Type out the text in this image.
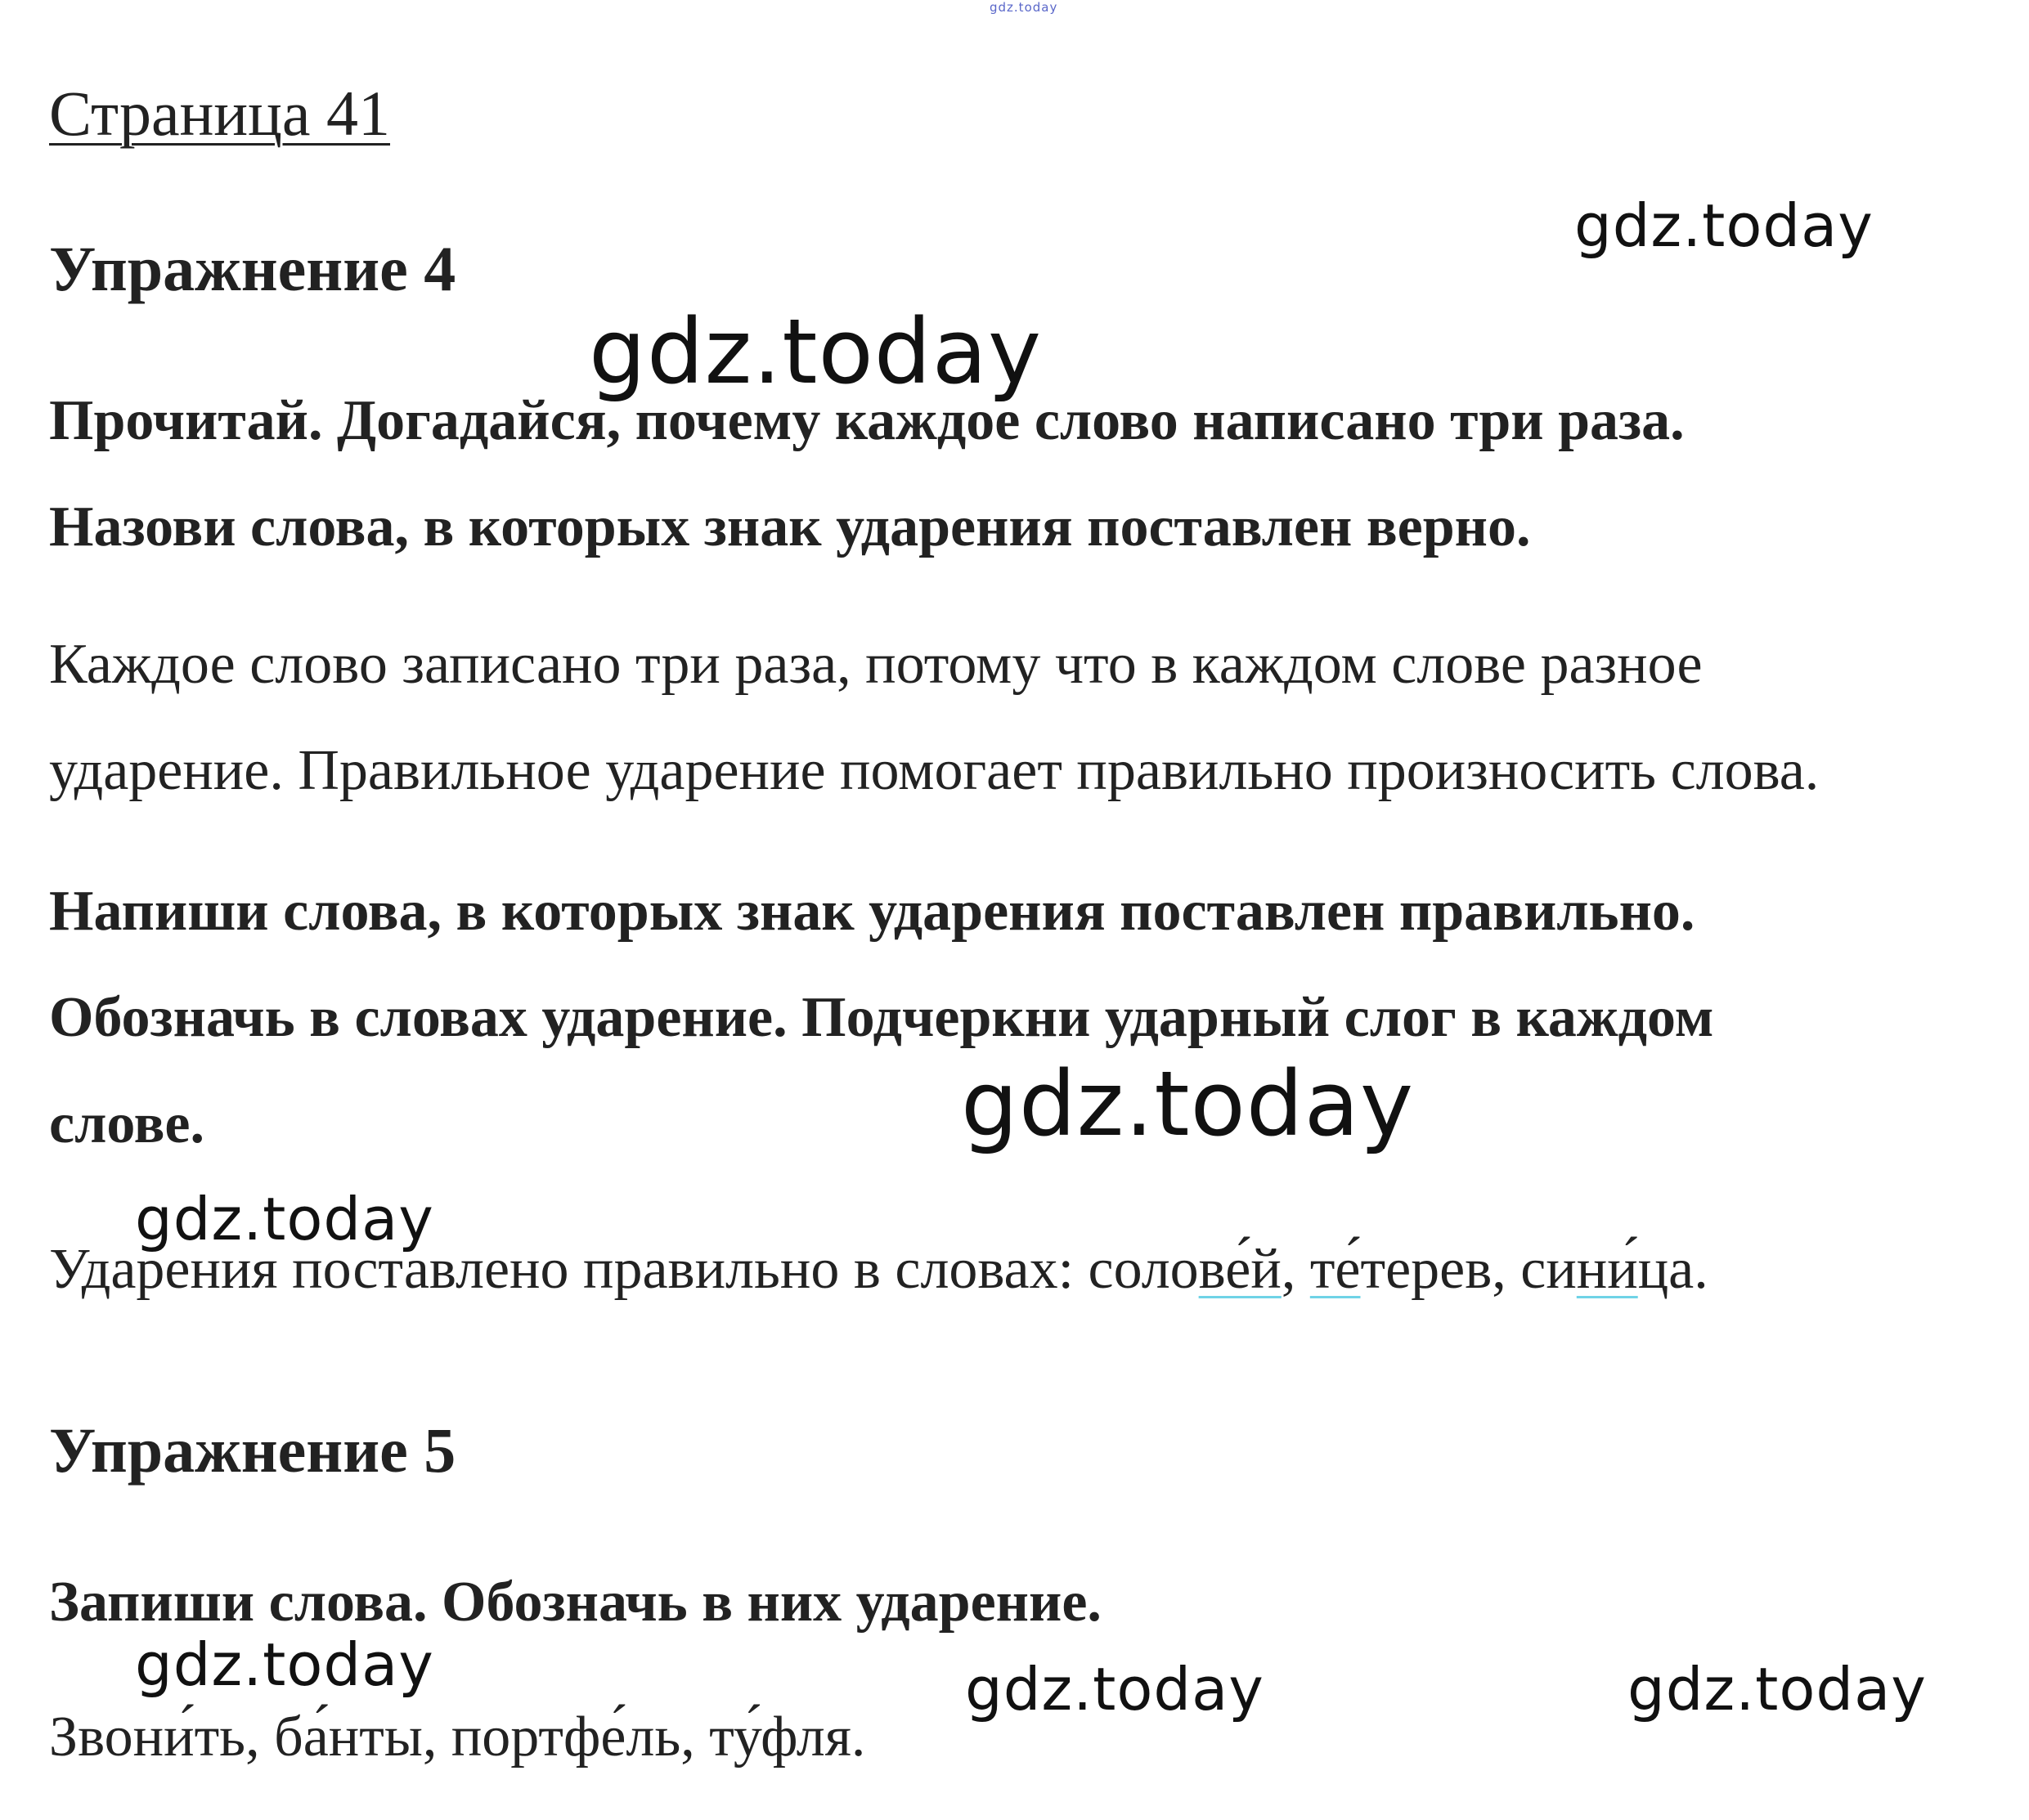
gdz.today
Страница 41
gdz.today
Упражнение 4
gdz.today
Прочитай. Догадайся, почему каждое слово написано три раза.
Назови слова, в которых знак ударения поставлен верно.
Каждое слово записано три раза, потому что в каждом слове разное
ударение. Правильное ударение помогает правильно произносить слова.
Напиши слова, в которых знак ударения поставлен правильно.
Обозначь в словах ударение. Подчеркни ударный слог в каждом
слове.	gdz.today
gdz.today
Ударения поставлено правильно в словах: солове́й, те́терев, сини́ца.
Упражнение 5
Запиши слова. Обозначь в них ударение.
gdz.today	gdz.today	gdz.today
Звони́ть, ба́нты, портфе́ль, ту́фля.
